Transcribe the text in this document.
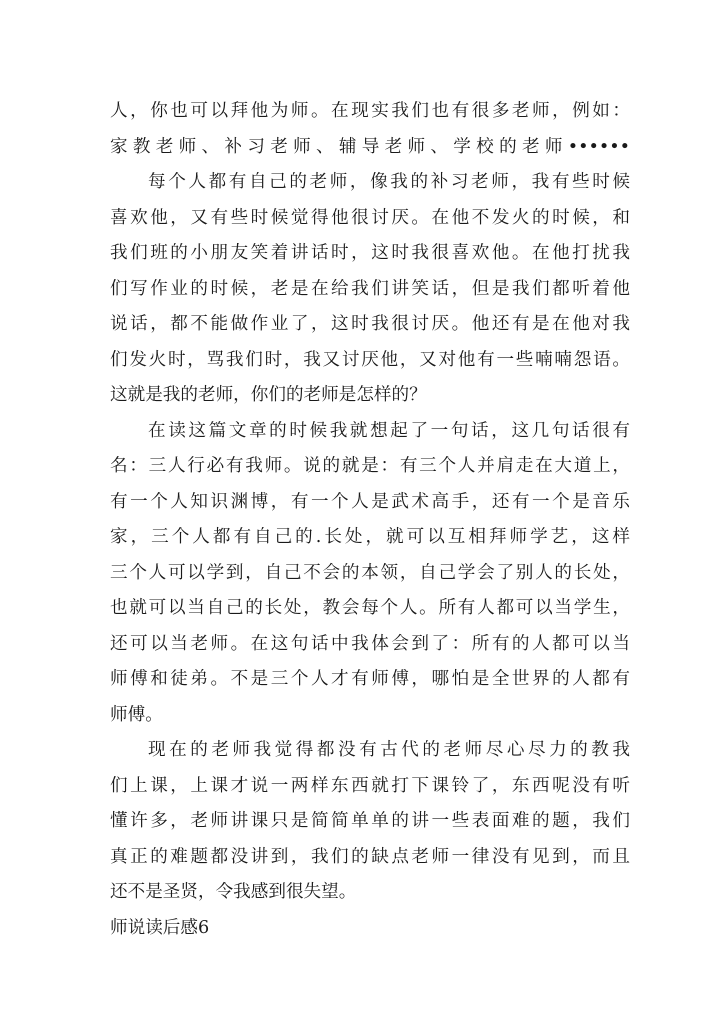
人，你也可以拜他为师。在现实我们也有很多老师，例如：
家教老师、补习老师、辅导老师、学校的老师••••••
每个人都有自己的老师，像我的补习老师，我有些时候
喜欢他，又有些时候觉得他很讨厌。在他不发火的时候，和
我们班的小朋友笑着讲话时，这时我很喜欢他。在他打扰我
们写作业的时候，老是在给我们讲笑话，但是我们都听着他
说话，都不能做作业了，这时我很讨厌。他还有是在他对我
们发火时，骂我们时，我又讨厌他，又对他有一些喃喃怨语。
这就是我的老师，你们的老师是怎样的？
在读这篇文章的时候我就想起了一句话，这几句话很有
名：三人行必有我师。说的就是：有三个人并肩走在大道上，
有一个人知识渊博，有一个人是武术高手，还有一个是音乐
家，三个人都有自己的.长处，就可以互相拜师学艺，这样
三个人可以学到，自己不会的本领，自己学会了别人的长处，
也就可以当自己的长处，教会每个人。所有人都可以当学生，
还可以当老师。在这句话中我体会到了：所有的人都可以当
师傅和徒弟。不是三个人才有师傅，哪怕是全世界的人都有
师傅。
现在的老师我觉得都没有古代的老师尽心尽力的教我
们上课，上课才说一两样东西就打下课铃了，东西呢没有听
懂许多，老师讲课只是简简单单的讲一些表面难的题，我们
真正的难题都没讲到，我们的缺点老师一律没有见到，而且
还不是圣贤，令我感到很失望。
师说读后感6
